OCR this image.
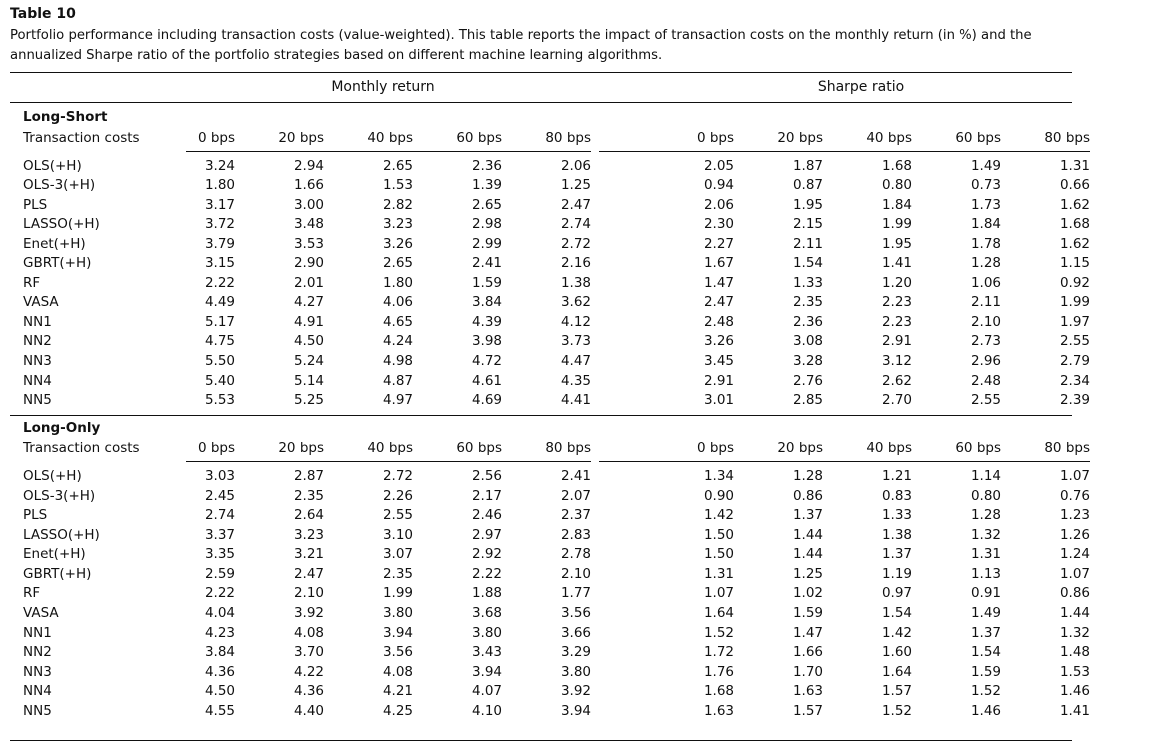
Table 10
Portfolio performance including transaction costs (value-weighted). This table reports the impact of transaction costs on the monthly return (in %) and the annualized Sharpe ratio of the portfolio strategies based on different machine learning algorithms.
Monthly return	Sharpe ratio
Long-Short											
Transaction costs	0 bps	20 bps	40 bps	60 bps	80 bps	0 bps	20 bps	40 bps	60 bps	80 bps	

OLS(+H)	3.24	2.94	2.65	2.36	2.06	2.05	1.87	1.68	1.49	1.31	
OLS-3(+H)	1.80	1.66	1.53	1.39	1.25	0.94	0.87	0.80	0.73	0.66	
PLS	3.17	3.00	2.82	2.65	2.47	2.06	1.95	1.84	1.73	1.62	
LASSO(+H)	3.72	3.48	3.23	2.98	2.74	2.30	2.15	1.99	1.84	1.68	
Enet(+H)	3.79	3.53	3.26	2.99	2.72	2.27	2.11	1.95	1.78	1.62	
GBRT(+H)	3.15	2.90	2.65	2.41	2.16	1.67	1.54	1.41	1.28	1.15	
RF	2.22	2.01	1.80	1.59	1.38	1.47	1.33	1.20	1.06	0.92	
VASA	4.49	4.27	4.06	3.84	3.62	2.47	2.35	2.23	2.11	1.99	
NN1	5.17	4.91	4.65	4.39	4.12	2.48	2.36	2.23	2.10	1.97	
NN2	4.75	4.50	4.24	3.98	3.73	3.26	3.08	2.91	2.73	2.55	
NN3	5.50	5.24	4.98	4.72	4.47	3.45	3.28	3.12	2.96	2.79	
NN4	5.40	5.14	4.87	4.61	4.35	2.91	2.76	2.62	2.48	2.34	
NN5	5.53	5.25	4.97	4.69	4.41	3.01	2.85	2.70	2.55	2.39	

Long-Only											
Transaction costs	0 bps	20 bps	40 bps	60 bps	80 bps	0 bps	20 bps	40 bps	60 bps	80 bps	

OLS(+H)	3.03	2.87	2.72	2.56	2.41	1.34	1.28	1.21	1.14	1.07	
OLS-3(+H)	2.45	2.35	2.26	2.17	2.07	0.90	0.86	0.83	0.80	0.76	
PLS	2.74	2.64	2.55	2.46	2.37	1.42	1.37	1.33	1.28	1.23	
LASSO(+H)	3.37	3.23	3.10	2.97	2.83	1.50	1.44	1.38	1.32	1.26	
Enet(+H)	3.35	3.21	3.07	2.92	2.78	1.50	1.44	1.37	1.31	1.24	
GBRT(+H)	2.59	2.47	2.35	2.22	2.10	1.31	1.25	1.19	1.13	1.07	
RF	2.22	2.10	1.99	1.88	1.77	1.07	1.02	0.97	0.91	0.86	
VASA	4.04	3.92	3.80	3.68	3.56	1.64	1.59	1.54	1.49	1.44	
NN1	4.23	4.08	3.94	3.80	3.66	1.52	1.47	1.42	1.37	1.32	
NN2	3.84	3.70	3.56	3.43	3.29	1.72	1.66	1.60	1.54	1.48	
NN3	4.36	4.22	4.08	3.94	3.80	1.76	1.70	1.64	1.59	1.53	
NN4	4.50	4.36	4.21	4.07	3.92	1.68	1.63	1.57	1.52	1.46	
NN5	4.55	4.40	4.25	4.10	3.94	1.63	1.57	1.52	1.46	1.41	
